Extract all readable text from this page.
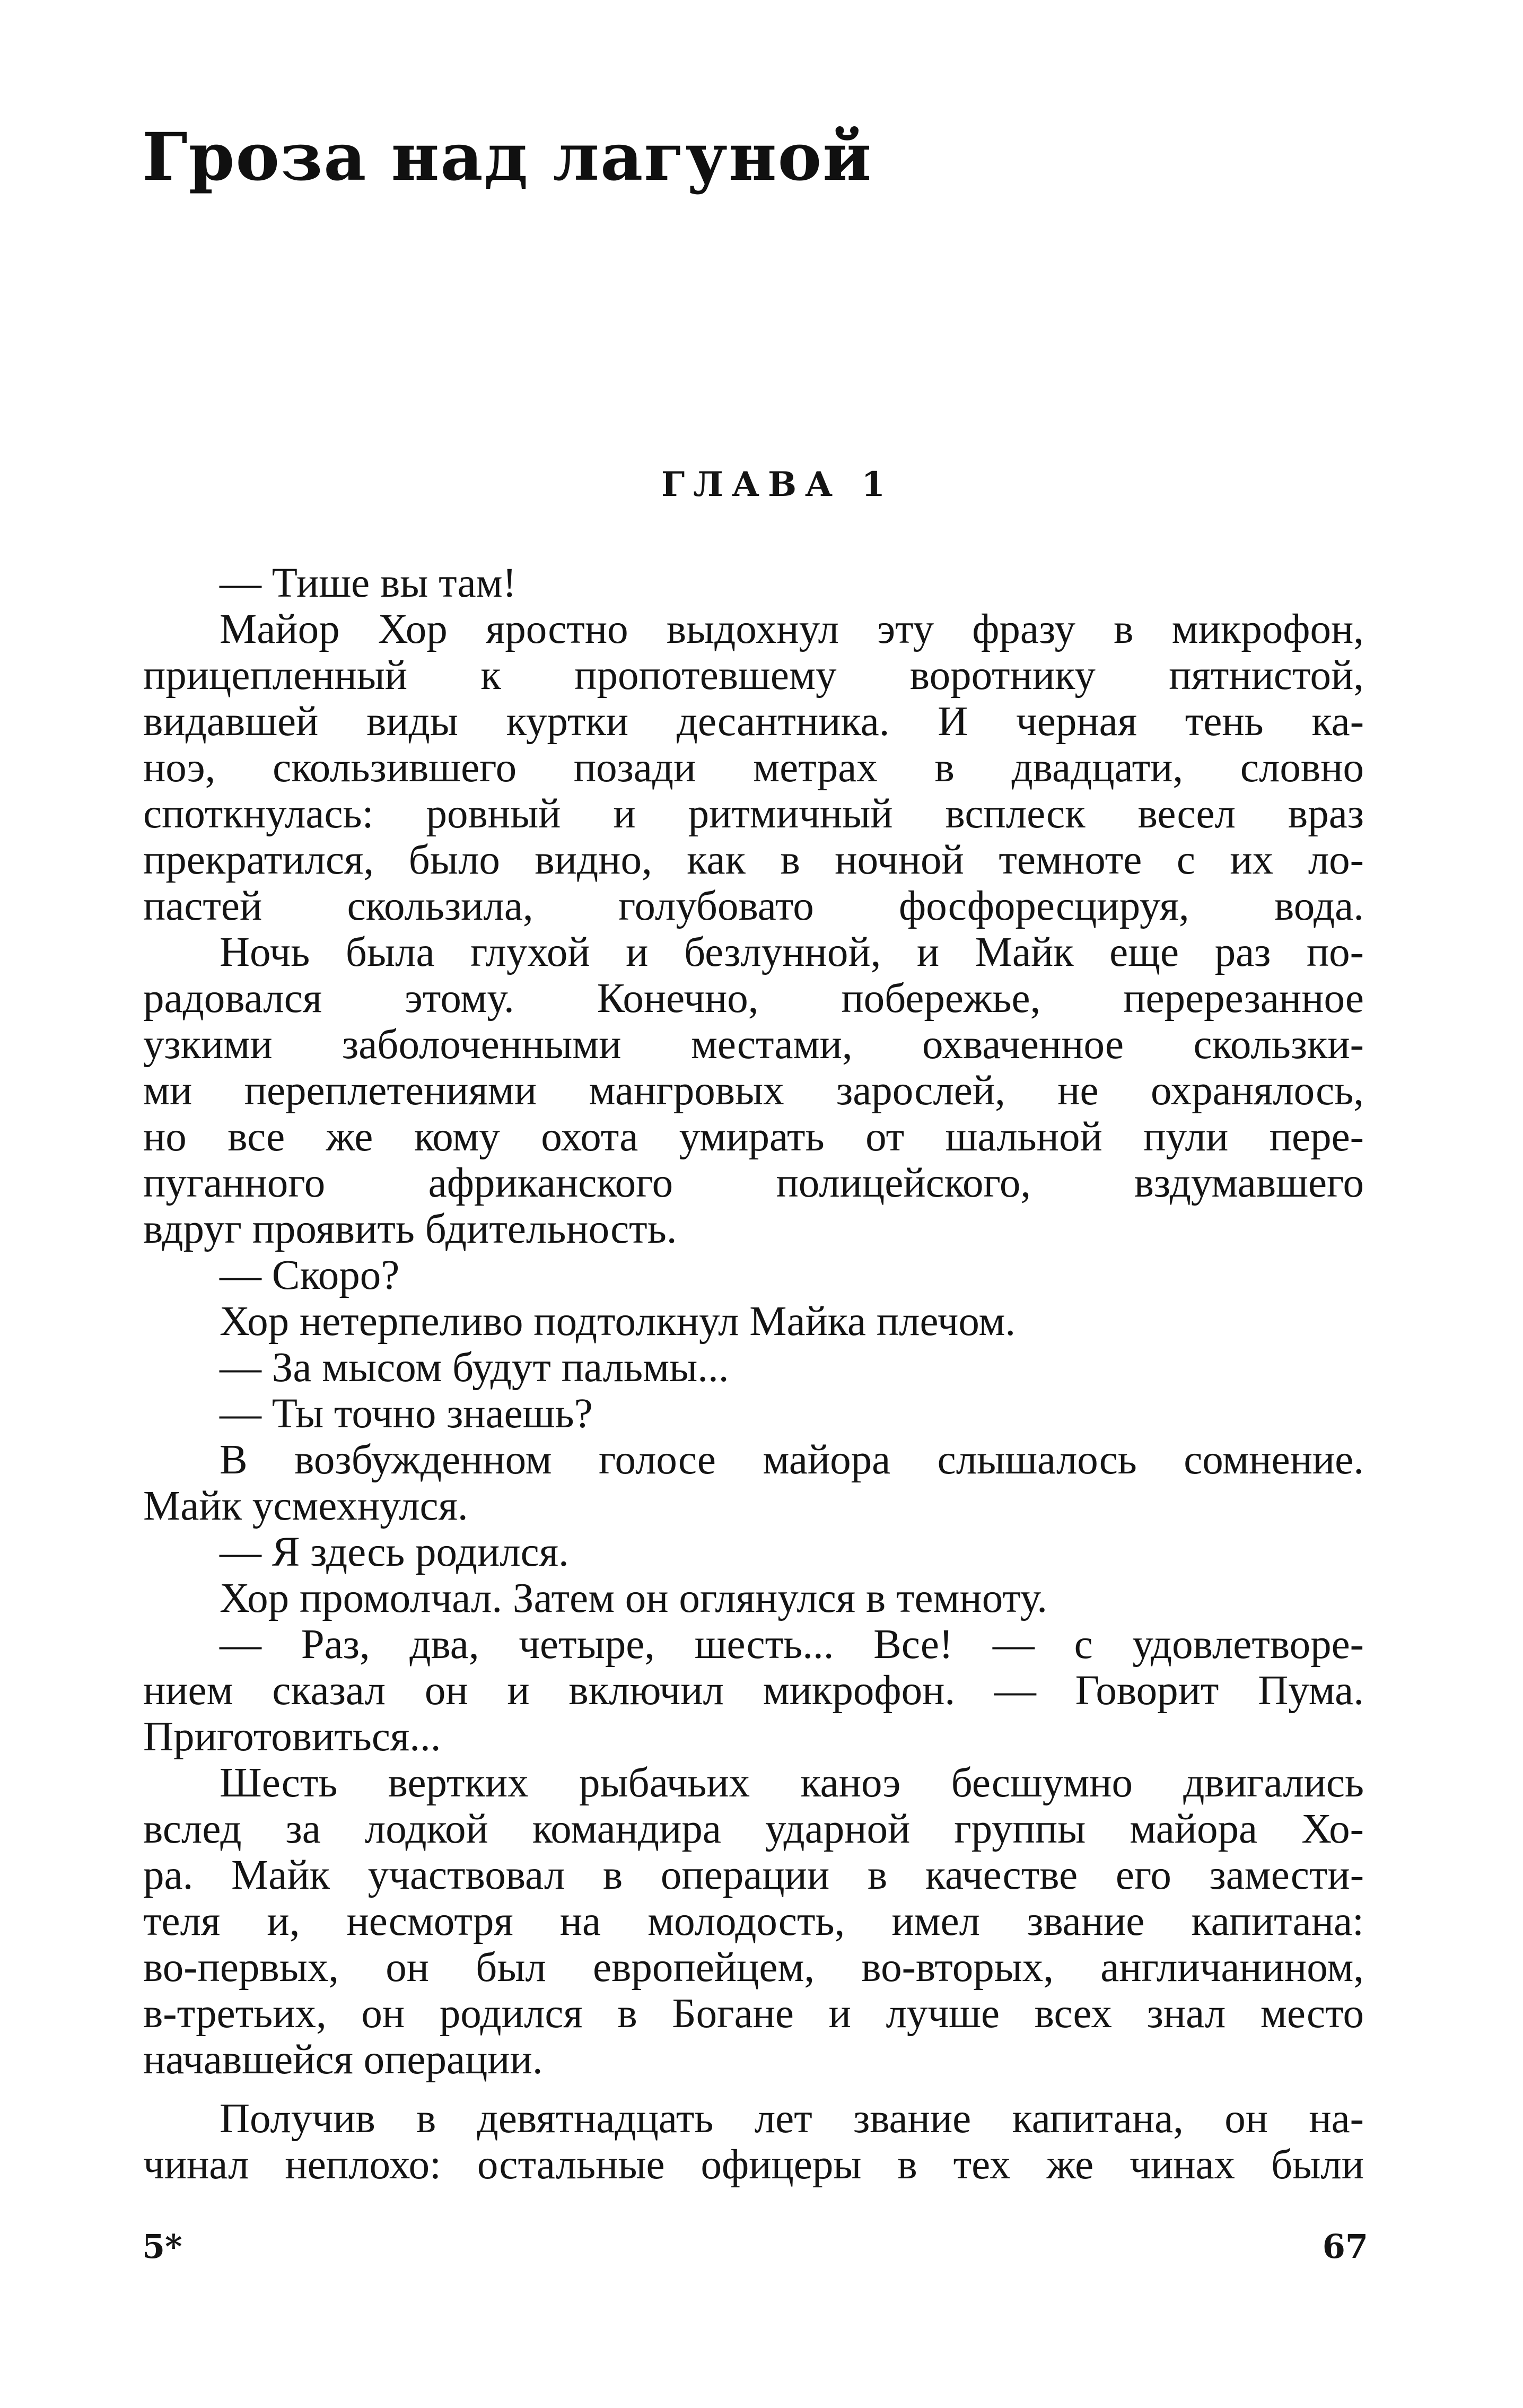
Гроза над лагуной
ГЛАВА 1
— Тише вы там!
Майор Хор яростно выдохнул эту фразу в микрофон,
прицепленный к пропотевшему воротнику пятнистой,
видавшей виды куртки десантника. И черная тень ка-
ноэ, скользившего позади метрах в двадцати, словно
споткнулась: ровный и ритмичный всплеск весел враз
прекратился, было видно, как в ночной темноте с их ло-
пастей скользила, голубовато фосфоресцируя, вода.
Ночь была глухой и безлунной, и Майк еще раз по-
радовался этому. Конечно, побережье, перерезанное
узкими заболоченными местами, охваченное скользки-
ми переплетениями мангровых зарослей, не охранялось,
но все же кому охота умирать от шальной пули пере-
пуганного африканского полицейского, вздумавшего
вдруг проявить бдительность.
— Скоро?
Хор нетерпеливо подтолкнул Майка плечом.
— За мысом будут пальмы...
— Ты точно знаешь?
В возбужденном голосе майора слышалось сомнение.
Майк усмехнулся.
— Я здесь родился.
Хор промолчал. Затем он оглянулся в темноту.
— Раз, два, четыре, шесть... Все! — с удовлетворе-
нием сказал он и включил микрофон. — Говорит Пума.
Приготовиться...
Шесть вертких рыбачьих каноэ бесшумно двигались
вслед за лодкой командира ударной группы майора Хо-
ра. Майк участвовал в операции в качестве его замести-
теля и, несмотря на молодость, имел звание капитана:
во-первых, он был европейцем, во-вторых, англичанином,
в-третьих, он родился в Богане и лучше всех знал место
начавшейся операции.
Получив в девятнадцать лет звание капитана, он на-
чинал неплохо: остальные офицеры в тех же чинах были
5*	67
